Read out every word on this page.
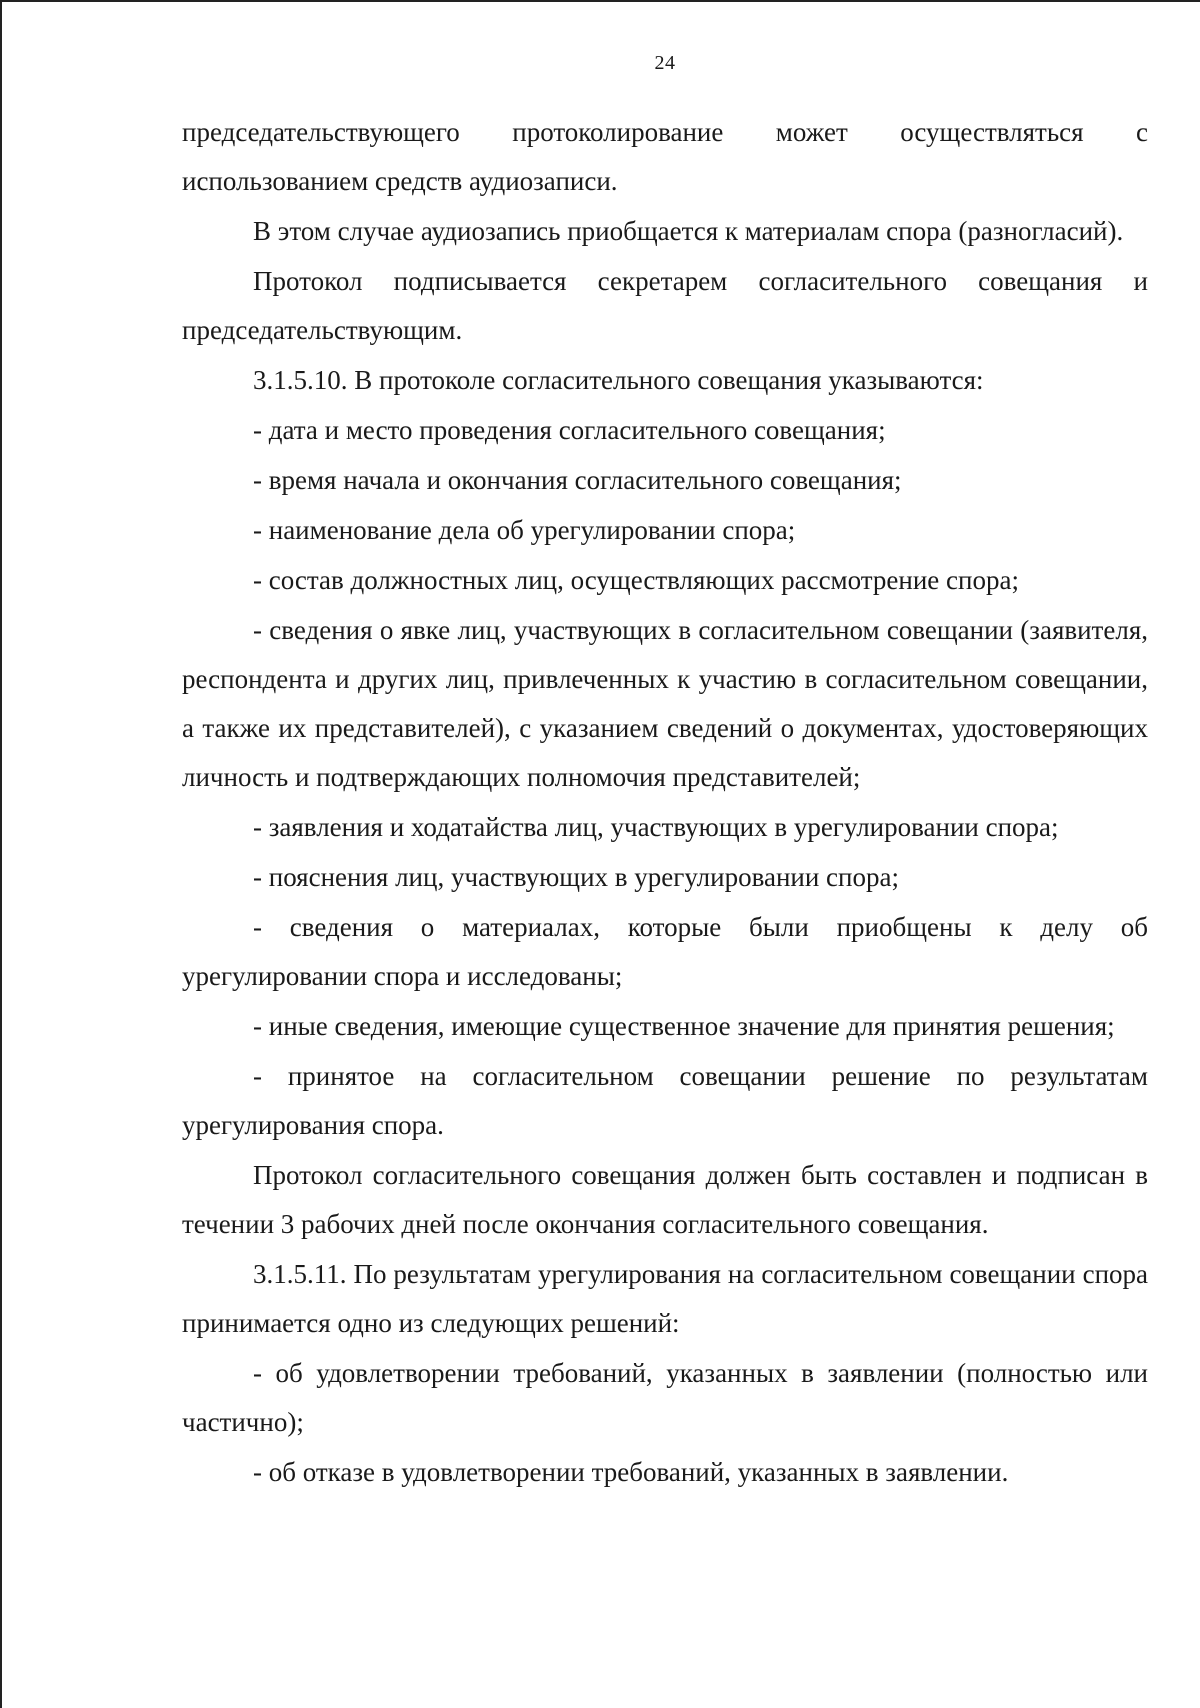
24

председательствующего протоколирование может осуществляться с использованием средств аудиозаписи.

В этом случае аудиозапись приобщается к материалам спора (разногласий).

Протокол подписывается секретарем согласительного совещания и председательствующим.

3.1.5.10. В протоколе согласительного совещания указываются:

- дата и место проведения согласительного совещания;

- время начала и окончания согласительного совещания;

- наименование дела об урегулировании спора;

- состав должностных лиц, осуществляющих рассмотрение спора;

- сведения о явке лиц, участвующих в согласительном совещании (заявителя, респондента и других лиц, привлеченных к участию в согласительном совещании, а также их представителей), с указанием сведений о документах, удостоверяющих личность и подтверждающих полномочия представителей;

- заявления и ходатайства лиц, участвующих в урегулировании спора;

- пояснения лиц, участвующих в урегулировании спора;

- сведения о материалах, которые были приобщены к делу об урегулировании спора и исследованы;

- иные сведения, имеющие существенное значение для принятия решения;

- принятое на согласительном совещании решение по результатам урегулирования спора.

Протокол согласительного совещания должен быть составлен и подписан в течении 3 рабочих дней после окончания согласительного совещания.

3.1.5.11. По результатам урегулирования на согласительном совещании спора принимается одно из следующих решений:

- об удовлетворении требований, указанных в заявлении (полностью или частично);

- об отказе в удовлетворении требований, указанных в заявлении.
